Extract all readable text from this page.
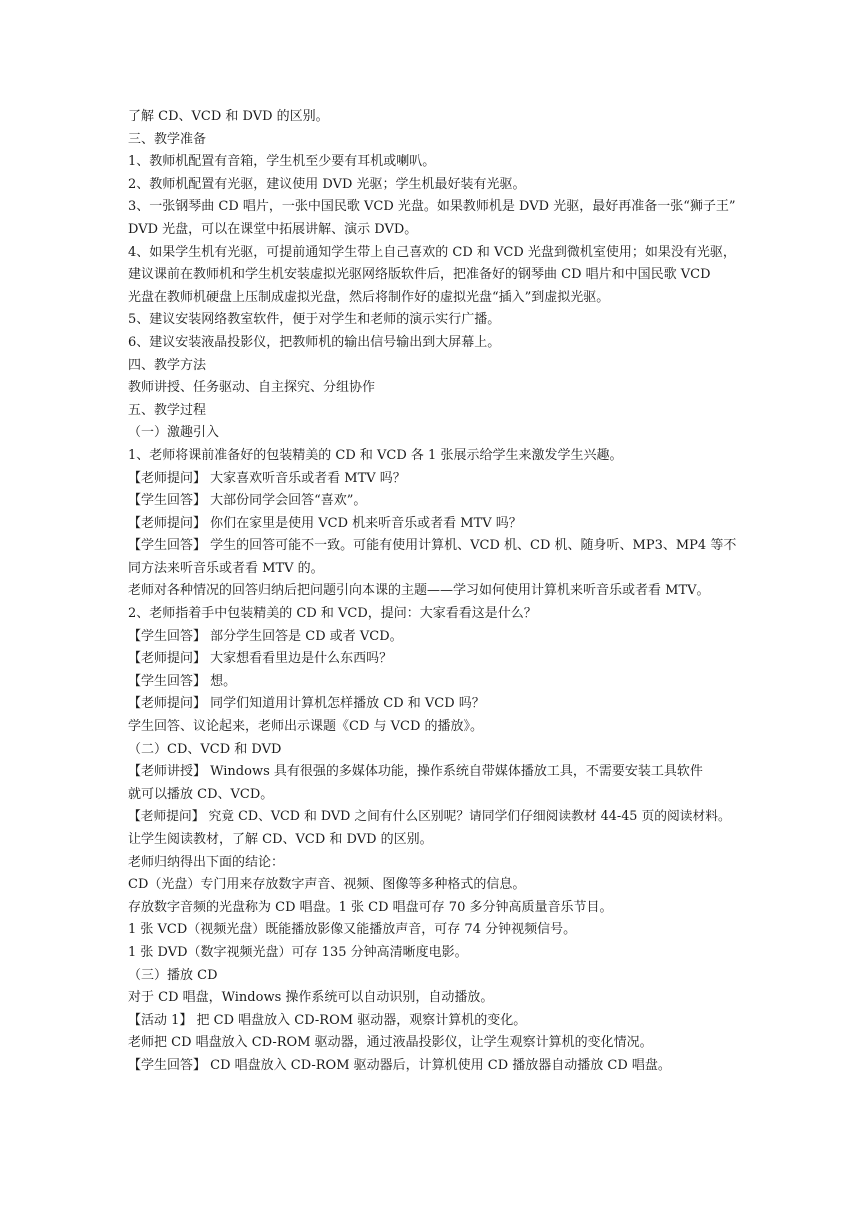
了解 CD、VCD 和 DVD 的区别。
三、教学准备
1、教师机配置有音箱，学生机至少要有耳机或喇叭。
2、教师机配置有光驱，建议使用 DVD 光驱；学生机最好装有光驱。
3、一张钢琴曲 CD 唱片，一张中国民歌 VCD 光盘。如果教师机是 DVD 光驱，最好再准备一张“狮子王”
DVD 光盘，可以在课堂中拓展讲解、演示 DVD。
4、如果学生机有光驱，可提前通知学生带上自己喜欢的 CD 和 VCD 光盘到微机室使用；如果没有光驱，
建议课前在教师机和学生机安装虚拟光驱网络版软件后，把准备好的钢琴曲 CD 唱片和中国民歌 VCD
光盘在教师机硬盘上压制成虚拟光盘，然后将制作好的虚拟光盘“插入”到虚拟光驱。
5、建议安装网络教室软件，便于对学生和老师的演示实行广播。
6、建议安装液晶投影仪，把教师机的输出信号输出到大屏幕上。
四、教学方法
教师讲授、任务驱动、自主探究、分组协作
五、教学过程
（一）激趣引入
1、老师将课前准备好的包装精美的 CD 和 VCD 各 1 张展示给学生来激发学生兴趣。
【老师提问】 大家喜欢听音乐或者看 MTV 吗？
【学生回答】 大部份同学会回答“喜欢”。
【老师提问】 你们在家里是使用 VCD 机来听音乐或者看 MTV 吗？
【学生回答】 学生的回答可能不一致。可能有使用计算机、VCD 机、CD 机、随身听、MP3、MP4 等不
同方法来听音乐或者看 MTV 的。
老师对各种情况的回答归纳后把问题引向本课的主题——学习如何使用计算机来听音乐或者看 MTV。
2、老师指着手中包装精美的 CD 和 VCD，提问：大家看看这是什么？
【学生回答】 部分学生回答是 CD 或者 VCD。
【老师提问】 大家想看看里边是什么东西吗？
【学生回答】 想。
【老师提问】 同学们知道用计算机怎样播放 CD 和 VCD 吗？
学生回答、议论起来，老师出示课题《CD 与 VCD 的播放》。
（二）CD、VCD 和 DVD
【老师讲授】 Windows 具有很强的多媒体功能，操作系统自带媒体播放工具，不需要安装工具软件
就可以播放 CD、VCD。
【老师提问】 究竟 CD、VCD 和 DVD 之间有什么区别呢？请同学们仔细阅读教材 44-45 页的阅读材料。
让学生阅读教材，了解 CD、VCD 和 DVD 的区别。
老师归纳得出下面的结论：
CD（光盘）专门用来存放数字声音、视频、图像等多种格式的信息。
存放数字音频的光盘称为 CD 唱盘。1 张 CD 唱盘可存 70 多分钟高质量音乐节目。
1 张 VCD（视频光盘）既能播放影像又能播放声音，可存 74 分钟视频信号。
1 张 DVD（数字视频光盘）可存 135 分钟高清晰度电影。
（三）播放 CD
对于 CD 唱盘，Windows 操作系统可以自动识别，自动播放。
【活动 1】 把 CD 唱盘放入 CD-ROM 驱动器，观察计算机的变化。
老师把 CD 唱盘放入 CD-ROM 驱动器，通过液晶投影仪，让学生观察计算机的变化情况。
【学生回答】 CD 唱盘放入 CD-ROM 驱动器后，计算机使用 CD 播放器自动播放 CD 唱盘。
